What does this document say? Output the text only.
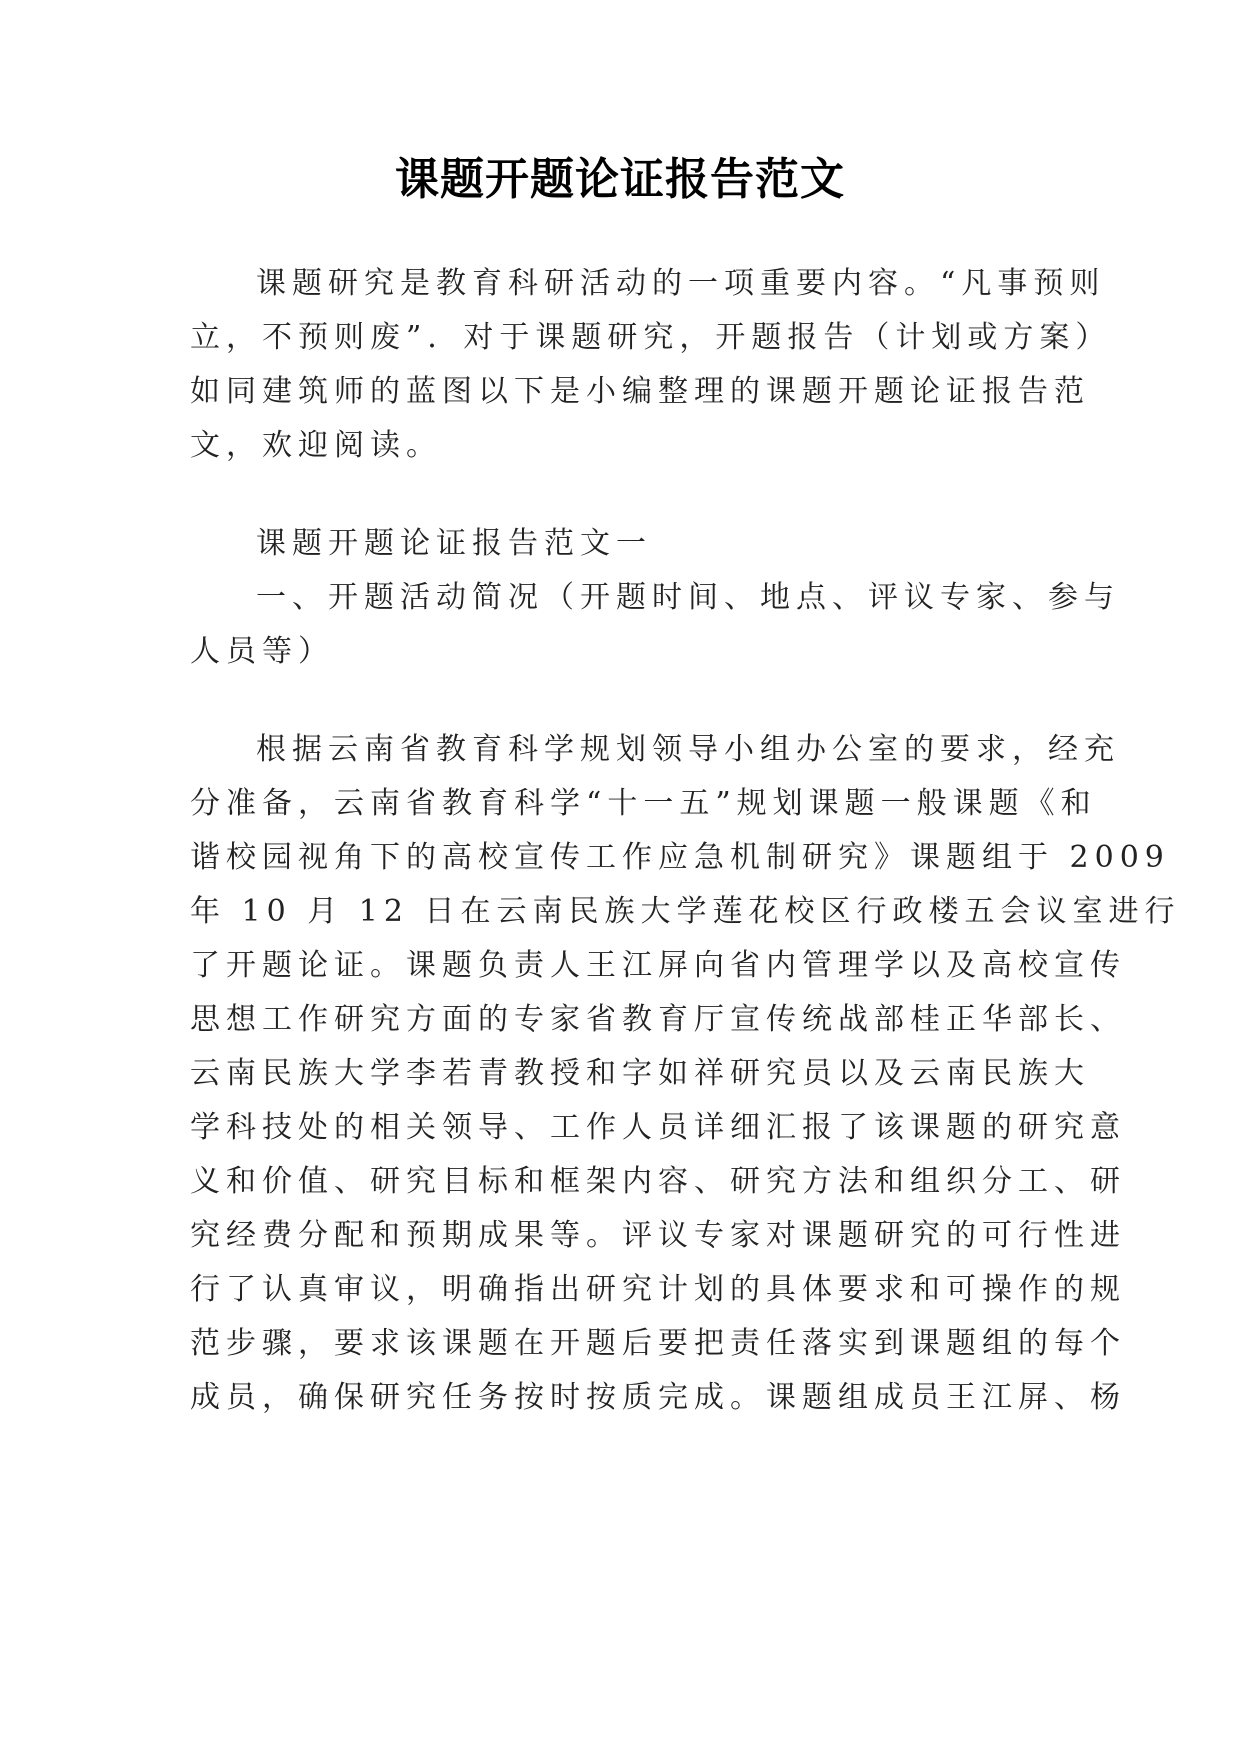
课题开题论证报告范文
课题研究是教育科研活动的一项重要内容。“凡事预则
立，不预则废”．对于课题研究，开题报告（计划或方案）
如同建筑师的蓝图以下是小编整理的课题开题论证报告范
文，欢迎阅读。
课题开题论证报告范文一
一、开题活动简况（开题时间、地点、评议专家、参与
人员等）
根据云南省教育科学规划领导小组办公室的要求，经充
分准备，云南省教育科学“十一五”规划课题一般课题《和
谐校园视角下的高校宣传工作应急机制研究》课题组于 2009
年 10 月 12 日在云南民族大学莲花校区行政楼五会议室进行
了开题论证。课题负责人王江屏向省内管理学以及高校宣传
思想工作研究方面的专家省教育厅宣传统战部桂正华部长、
云南民族大学李若青教授和字如祥研究员以及云南民族大
学科技处的相关领导、工作人员详细汇报了该课题的研究意
义和价值、研究目标和框架内容、研究方法和组织分工、研
究经费分配和预期成果等。评议专家对课题研究的可行性进
行了认真审议，明确指出研究计划的具体要求和可操作的规
范步骤，要求该课题在开题后要把责任落实到课题组的每个
成员，确保研究任务按时按质完成。课题组成员王江屏、杨
